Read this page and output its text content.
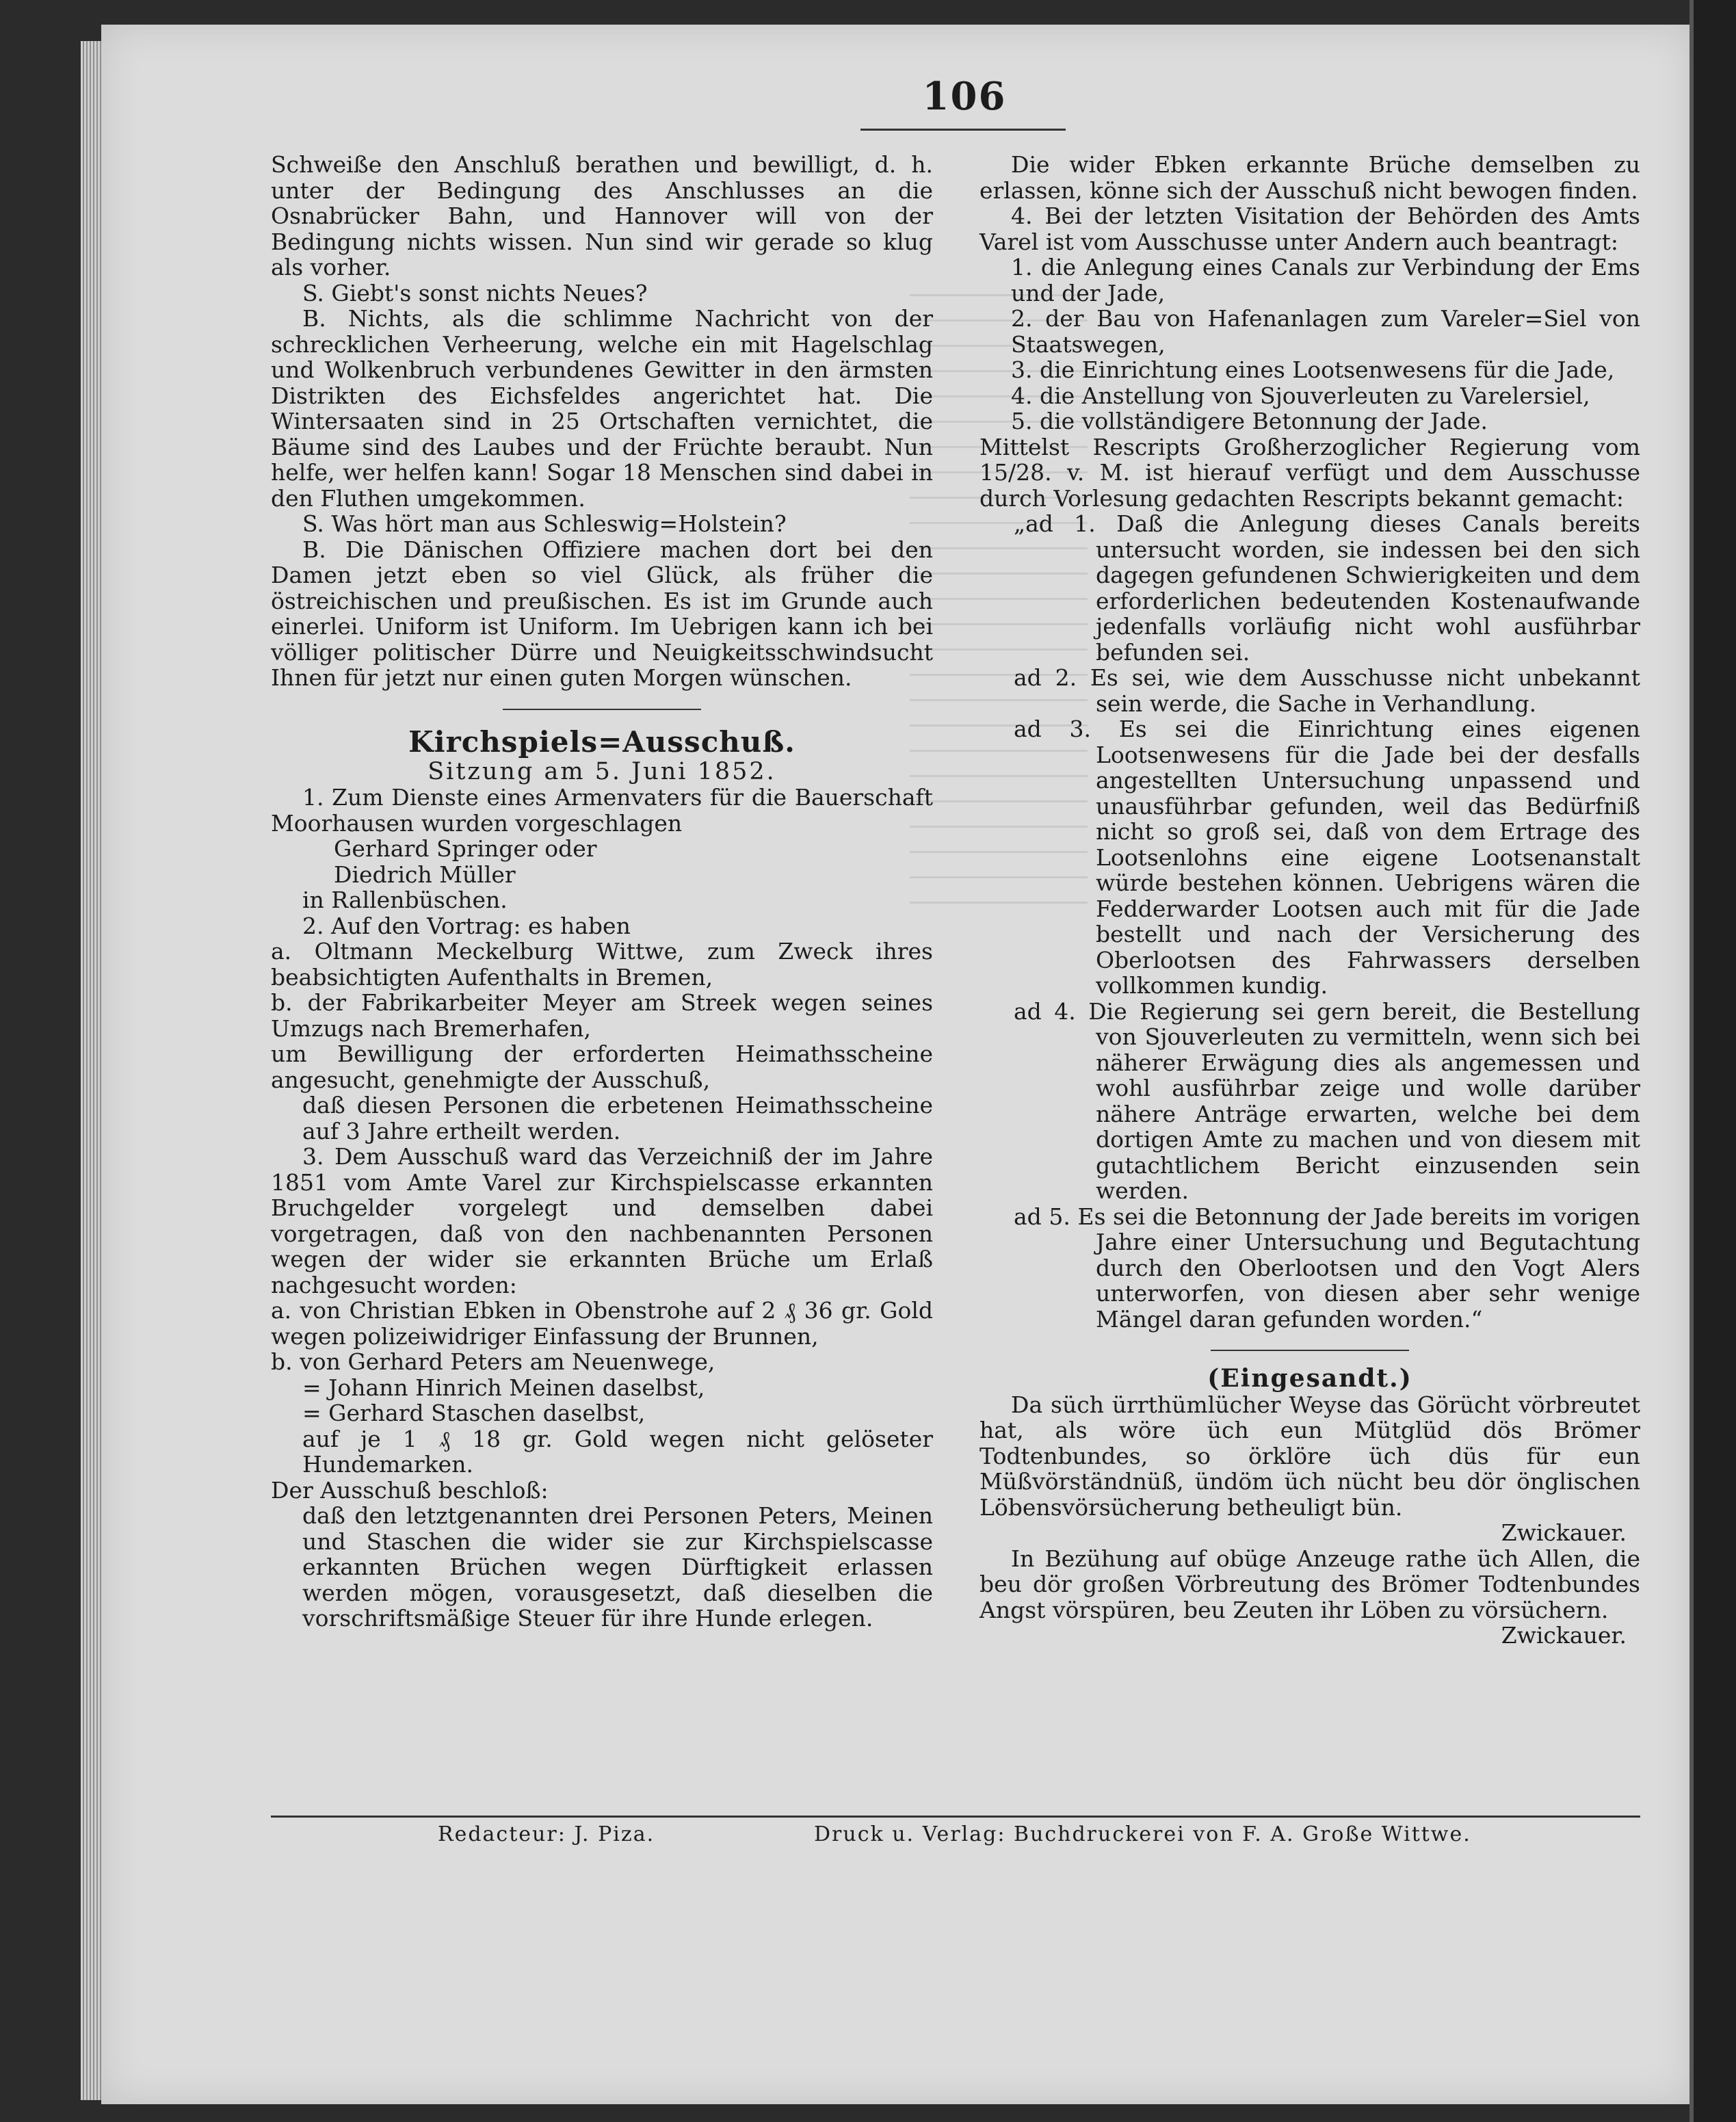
106

Schweiße den Anschluß berathen und bewilligt, d. h. unter der Bedingung des Anschlusses an die Osnabrücker Bahn, und Hannover will von der Bedingung nichts wissen. Nun sind wir gerade so klug als vorher.

S. Giebt's sonst nichts Neues?

B. Nichts, als die schlimme Nachricht von der schrecklichen Verheerung, welche ein mit Hagelschlag und Wolkenbruch verbundenes Gewitter in den ärmsten Distrikten des Eichsfeldes angerichtet hat. Die Wintersaaten sind in 25 Ortschaften vernichtet, die Bäume sind des Laubes und der Früchte beraubt. Nun helfe, wer helfen kann! Sogar 18 Menschen sind dabei in den Fluthen umgekommen.

S. Was hört man aus Schleswig=Holstein?

B. Die Dänischen Offiziere machen dort bei den Damen jetzt eben so viel Glück, als früher die östreichischen und preußischen. Es ist im Grunde auch einerlei. Uniform ist Uniform. Im Uebrigen kann ich bei völliger politischer Dürre und Neuigkeitsschwindsucht Ihnen für jetzt nur einen guten Morgen wünschen.

Kirchspiels=Ausschuß.

Sitzung am 5. Juni 1852.

1. Zum Dienste eines Armenvaters für die Bauerschaft Moorhausen wurden vorgeschlagen

Gerhard Springer oder

Diedrich Müller

in Rallenbüschen.

2. Auf den Vortrag: es haben

a. Oltmann Meckelburg Wittwe, zum Zweck ihres beabsichtigten Aufenthalts in Bremen,

b. der Fabrikarbeiter Meyer am Streek wegen seines Umzugs nach Bremerhafen,

um Bewilligung der erforderten Heimathsscheine angesucht, genehmigte der Ausschuß,

daß diesen Personen die erbetenen Heimathsscheine auf 3 Jahre ertheilt werden.

3. Dem Ausschuß ward das Verzeichniß der im Jahre 1851 vom Amte Varel zur Kirchspielscasse erkannten Bruchgelder vorgelegt und demselben dabei vorgetragen, daß von den nachbenannten Personen wegen der wider sie erkannten Brüche um Erlaß nachgesucht worden:

a. von Christian Ebken in Obenstrohe auf 2 ₰ 36 gr. Gold wegen polizeiwidriger Einfassung der Brunnen,

b. von Gerhard Peters am Neuenwege,

= Johann Hinrich Meinen daselbst,

= Gerhard Staschen daselbst,

auf je 1 ₰ 18 gr. Gold wegen nicht gelöseter Hundemarken.

Der Ausschuß beschloß:

daß den letztgenannten drei Personen Peters, Meinen und Staschen die wider sie zur Kirchspielscasse erkannten Brüchen wegen Dürftigkeit erlassen werden mögen, vorausgesetzt, daß dieselben die vorschriftsmäßige Steuer für ihre Hunde erlegen.

Die wider Ebken erkannte Brüche demselben zu erlassen, könne sich der Ausschuß nicht bewogen finden.

4. Bei der letzten Visitation der Behörden des Amts Varel ist vom Ausschusse unter Andern auch beantragt:

1. die Anlegung eines Canals zur Verbindung der Ems und der Jade,

2. der Bau von Hafenanlagen zum Vareler=Siel von Staatswegen,

3. die Einrichtung eines Lootsenwesens für die Jade,

4. die Anstellung von Sjouverleuten zu Varelersiel,

5. die vollständigere Betonnung der Jade.

Mittelst Rescripts Großherzoglicher Regierung vom 15/28. v. M. ist hierauf verfügt und dem Ausschusse durch Vorlesung gedachten Rescripts bekannt gemacht:

„ad 1. Daß die Anlegung dieses Canals bereits untersucht worden, sie indessen bei den sich dagegen gefundenen Schwierigkeiten und dem erforderlichen bedeutenden Kostenaufwande jedenfalls vorläufig nicht wohl ausführbar befunden sei.

ad 2. Es sei, wie dem Ausschusse nicht unbekannt sein werde, die Sache in Verhandlung.

ad 3. Es sei die Einrichtung eines eigenen Lootsenwesens für die Jade bei der desfalls angestellten Untersuchung unpassend und unausführbar gefunden, weil das Bedürfniß nicht so groß sei, daß von dem Ertrage des Lootsenlohns eine eigene Lootsenanstalt würde bestehen können. Uebrigens wären die Fedderwarder Lootsen auch mit für die Jade bestellt und nach der Versicherung des Oberlootsen des Fahrwassers derselben vollkommen kundig.

ad 4. Die Regierung sei gern bereit, die Bestellung von Sjouverleuten zu vermitteln, wenn sich bei näherer Erwägung dies als angemessen und wohl ausführbar zeige und wolle darüber nähere Anträge erwarten, welche bei dem dortigen Amte zu machen und von diesem mit gutachtlichem Bericht einzusenden sein werden.

ad 5. Es sei die Betonnung der Jade bereits im vorigen Jahre einer Untersuchung und Begutachtung durch den Oberlootsen und den Vogt Alers unterworfen, von diesen aber sehr wenige Mängel daran gefunden worden.“

(Eingesandt.)

Da süch ürrthümlücher Weyse das Görücht vörbreutet hat, als wöre üch eun Mütglüd dös Brömer Todtenbundes, so örklöre üch düs für eun Müßvörständnüß, ündöm üch nücht beu dör önglischen Löbensvörsücherung betheuligt bün.

Zwickauer.

In Bezühung auf obüge Anzeuge rathe üch Allen, die beu dör großen Vörbreutung des Brömer Todtenbundes Angst vörspüren, beu Zeuten ihr Löben zu vörsüchern.

Zwickauer.

Redacteur: J. Piza.	Druck u. Verlag: Buchdruckerei von F. A. Große Wittwe.
